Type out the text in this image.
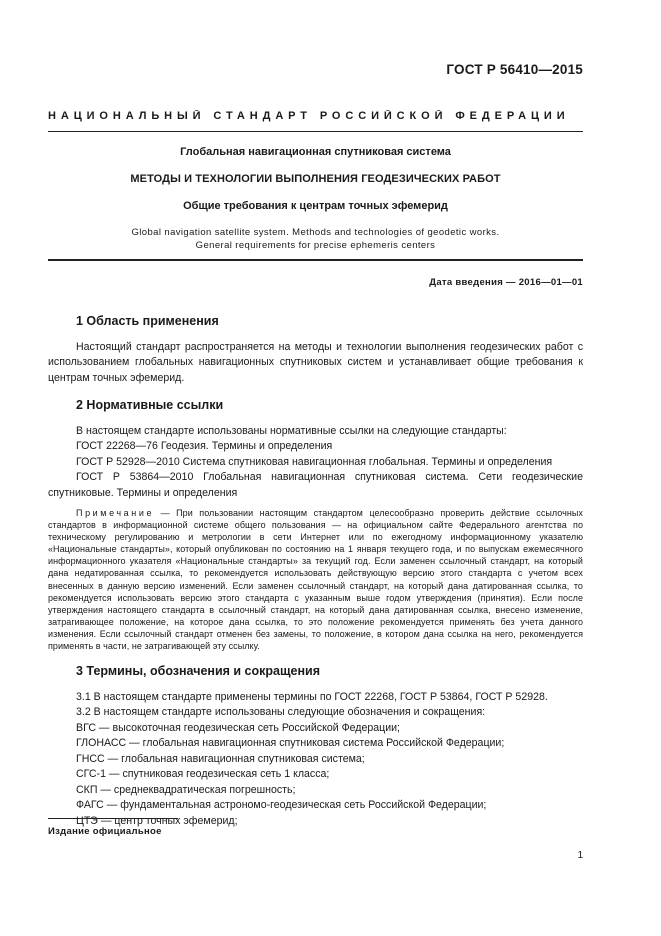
ГОСТ Р 56410—2015
НАЦИОНАЛЬНЫЙ СТАНДАРТ РОССИЙСКОЙ ФЕДЕРАЦИИ
Глобальная навигационная спутниковая система
МЕТОДЫ И ТЕХНОЛОГИИ ВЫПОЛНЕНИЯ ГЕОДЕЗИЧЕСКИХ РАБОТ
Общие требования к центрам точных эфемерид
Global navigation satellite system. Methods and technologies of geodetic works.
General requirements for precise ephemeris centers
Дата введения — 2016—01—01
1 Область применения

Настоящий стандарт распространяется на методы и технологии выполнения геодезических работ с использованием глобальных навигационных спутниковых систем и устанавливает общие требования к центрам точных эфемерид.

2 Нормативные ссылки

В настоящем стандарте использованы нормативные ссылки на следующие стандарты:

ГОСТ 22268—76 Геодезия. Термины и определения

ГОСТ Р 52928—2010 Система спутниковая навигационная глобальная. Термины и определения

ГОСТ Р 53864—2010 Глобальная навигационная спутниковая система. Сети геодезические спутниковые. Термины и определения

Примечание — При пользовании настоящим стандартом целесообразно проверить действие ссылочных стандартов в информационной системе общего пользования — на официальном сайте Федерального агентства по техническому регулированию и метрологии в сети Интернет или по ежегодному информационному указателю «Национальные стандарты», который опубликован по состоянию на 1 января текущего года, и по выпускам ежемесячного информационного указателя «Национальные стандарты» за текущий год. Если заменен ссылочный стандарт, на который дана недатированная ссылка, то рекомендуется использовать действующую версию этого стандарта с учетом всех внесенных в данную версию изменений. Если заменен ссылочный стандарт, на который дана датированная ссылка, то рекомендуется использовать версию этого стандарта с указанным выше годом утверждения (принятия). Если после утверждения настоящего стандарта в ссылочный стандарт, на который дана датированная ссылка, внесено изменение, затрагивающее положение, на которое дана ссылка, то это положение рекомендуется применять без учета данного изменения. Если ссылочный стандарт отменен без замены, то положение, в котором дана ссылка на него, рекомендуется применять в части, не затрагивающей эту ссылку.

3 Термины, обозначения и сокращения

3.1 В настоящем стандарте применены термины по ГОСТ 22268, ГОСТ Р 53864, ГОСТ Р 52928.

3.2 В настоящем стандарте использованы следующие обозначения и сокращения:

ВГС — высокоточная геодезическая сеть Российской Федерации;

ГЛОНАСС — глобальная навигационная спутниковая система Российской Федерации;

ГНСС — глобальная навигационная спутниковая система;

СГС-1 — спутниковая геодезическая сеть 1 класса;

СКП — среднеквадратическая погрешность;

ФАГС — фундаментальная астрономо-геодезическая сеть Российской Федерации;

ЦТЭ — центр точных эфемерид;

Издание официальное
1
